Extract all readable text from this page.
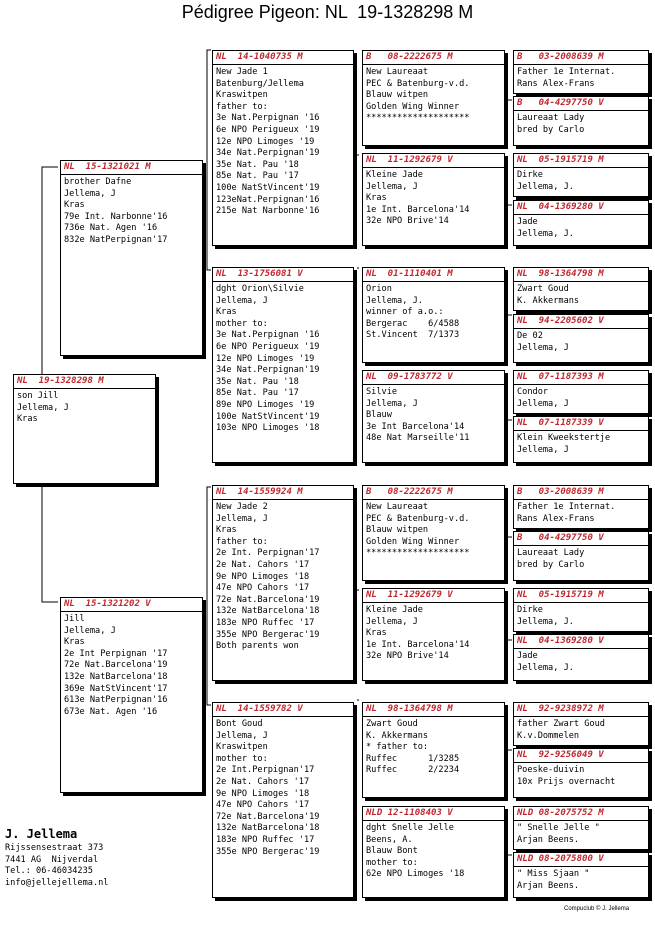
Pédigree Pigeon: NL  19-1328298 M
NL  19-1328298 M
son Jill
Jellema, J
Kras
NL  15-1321021 M
brother Dafne
Jellema, J
Kras
79e Int. Narbonne'16
736e Nat. Agen '16
832e NatPerpignan'17
NL  15-1321202 V
Jill
Jellema, J
Kras
2e Int Perpignan '17
72e Nat.Barcelona'19
132e NatBarcelona'18
369e NatStVincent'17
613e NatPerpignan'16
673e Nat. Agen '16
NL  14-1040735 M
New Jade 1
Batenburg/Jellema
Kraswitpen
father to:
3e Nat.Perpignan '16
6e NPO Perigueux '19
12e NPO Limoges '19
34e Nat.Perpignan'19
35e Nat. Pau '18
85e Nat. Pau '17
100e NatStVincent'19
123eNat.Perpignan'16
215e Nat Narbonne'16
NL  13-1756081 V
dght Orion\Silvie
Jellema, J
Kras
mother to:
3e Nat.Perpignan '16
6e NPO Perigueux '19
12e NPO Limoges '19
34e Nat.Perpignan'19
35e Nat. Pau '18
85e Nat. Pau '17
89e NPO Limoges '19
100e NatStVincent'19
103e NPO Limoges '18
NL  14-1559924 M
New Jade 2
Jellema, J
Kras
father to:
2e Int. Perpignan'17
2e Nat. Cahors '17
9e NPO Limoges '18
47e NPO Cahors '17
72e Nat.Barcelona'19
132e NatBarcelona'18
183e NPO Ruffec '17
355e NPO Bergerac'19
Both parents won
NL  14-1559782 V
Bont Goud
Jellema, J
Kraswitpen
mother to:
2e Int.Perpignan'17
2e Nat. Cahors '17
9e NPO Limoges '18
47e NPO Cahors '17
72e Nat.Barcelona'19
132e NatBarcelona'18
183e NPO Ruffec '17
355e NPO Bergerac'19
B   08-2222675 M
New Laureaat
PEC & Batenburg-v.d.
Blauw witpen
Golden Wing Winner
********************
NL  11-1292679 V
Kleine Jade
Jellema, J
Kras
1e Int. Barcelona'14
32e NPO Brive'14
NL  01-1110401 M
Orion
Jellema, J.
winner of a.o.:
Bergerac    6/4588
St.Vincent  7/1373
NL  09-1783772 V
Silvie
Jellema, J
Blauw
3e Int Barcelona'14
48e Nat Marseille'11
B   08-2222675 M
New Laureaat
PEC & Batenburg-v.d.
Blauw witpen
Golden Wing Winner
********************
NL  11-1292679 V
Kleine Jade
Jellema, J
Kras
1e Int. Barcelona'14
32e NPO Brive'14
NL  98-1364798 M
Zwart Goud
K. Akkermans
* father to:
Ruffec      1/3285
Ruffec      2/2234
NLD 12-1108403 V
dght Snelle Jelle
Beens, A.
Blauw Bont
mother to:
62e NPO Limoges '18
B   03-2008639 M
Father 1e Internat.
Rans Alex-Frans
B   04-4297750 V
Laureaat Lady
bred by Carlo
NL  05-1915719 M
Dirke
Jellema, J.
NL  04-1369280 V
Jade
Jellema, J.
NL  98-1364798 M
Zwart Goud
K. Akkermans
NL  94-2205602 V
De 02
Jellema, J
NL  07-1187393 M
Condor
Jellema, J
NL  07-1187339 V
Klein Kweekstertje
Jellema, J
B   03-2008639 M
Father 1e Internat.
Rans Alex-Frans
B   04-4297750 V
Laureaat Lady
bred by Carlo
NL  05-1915719 M
Dirke
Jellema, J.
NL  04-1369280 V
Jade
Jellema, J.
NL  92-9238972 M
father Zwart Goud
K.v.Dommelen
NL  92-9256049 V
Poeske-duivin
10x Prijs overnacht
NLD 08-2075752 M
" Snelle Jelle "
Arjan Beens.
NLD 08-2075800 V
" Miss Sjaan "
Arjan Beens.
J. Jellema
Rijssensestraat 373
7441 AG  Nijverdal
Tel.: 06-46034235
info@jellejellema.nl
Compuclub © J. Jellema
